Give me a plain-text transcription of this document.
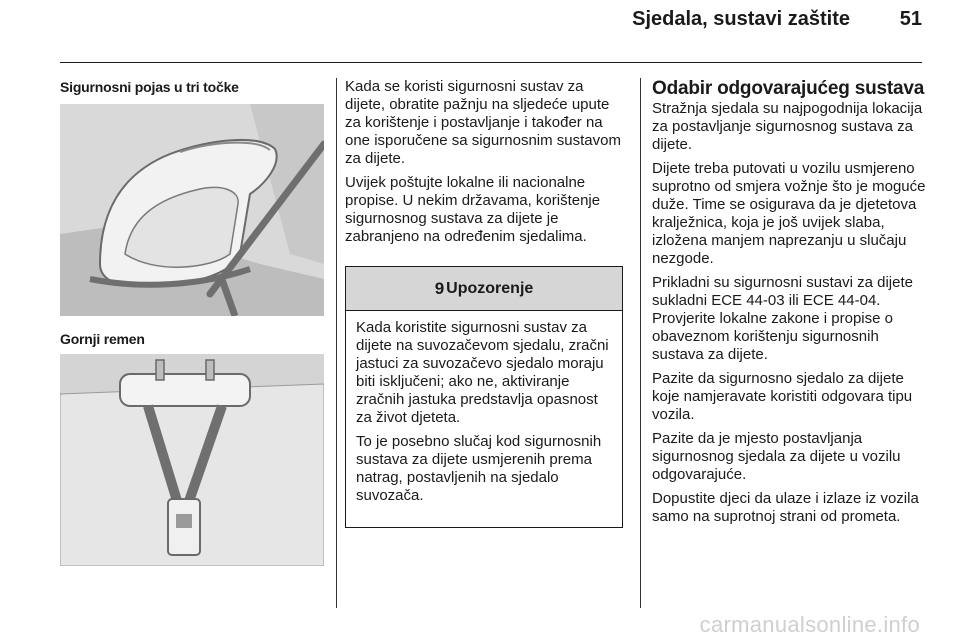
Sjedala, sustavi zaštite	51
Sigurnosni pojas u tri točke
Gornji remen

Kada se koristi sigurnosni sustav za dijete, obratite pažnju na sljedeće upute za korištenje i postavljanje i također na one isporučene sa sigurnosnim sustavom za dijete.

Uvijek poštujte lokalne ili nacionalne propise. U nekim državama, korištenje sigurnosnog sustava za dijete je zabranjeno na određenim sjedalima.

9 Upozorenje

Kada koristite sigurnosni sustav za dijete na suvozačevom sjedalu, zračni jastuci za suvozačevo sjedalo moraju biti isključeni; ako ne, aktiviranje zračnih jastuka predstavlja opasnost za život djeteta.

To je posebno slučaj kod sigurnosnih sustava za dijete usmjerenih prema natrag, postavljenih na sjedalo suvozača.

Odabir odgovarajućeg sustava

Stražnja sjedala su najpogodnija lokacija za postavljanje sigurnosnog sustava za dijete.

Dijete treba putovati u vozilu usmjereno suprotno od smjera vožnje što je moguće duže. Time se osigurava da je djetetova kralježnica, koja je još uvijek slaba, izložena manjem naprezanju u slučaju nezgode.

Prikladni su sigurnosni sustavi za dijete sukladni ECE 44-03 ili ECE 44-04. Provjerite lokalne zakone i propise o obaveznom korištenju sigurnosnih sustava za dijete.

Pazite da sigurnosno sjedalo za dijete koje namjeravate koristiti odgovara tipu vozila.

Pazite da je mjesto postavljanja sigurnosnog sjedala za dijete u vozilu odgovarajuće.

Dopustite djeci da ulaze i izlaze iz vozila samo na suprotnoj strani od prometa.

carmanualsonline.info
